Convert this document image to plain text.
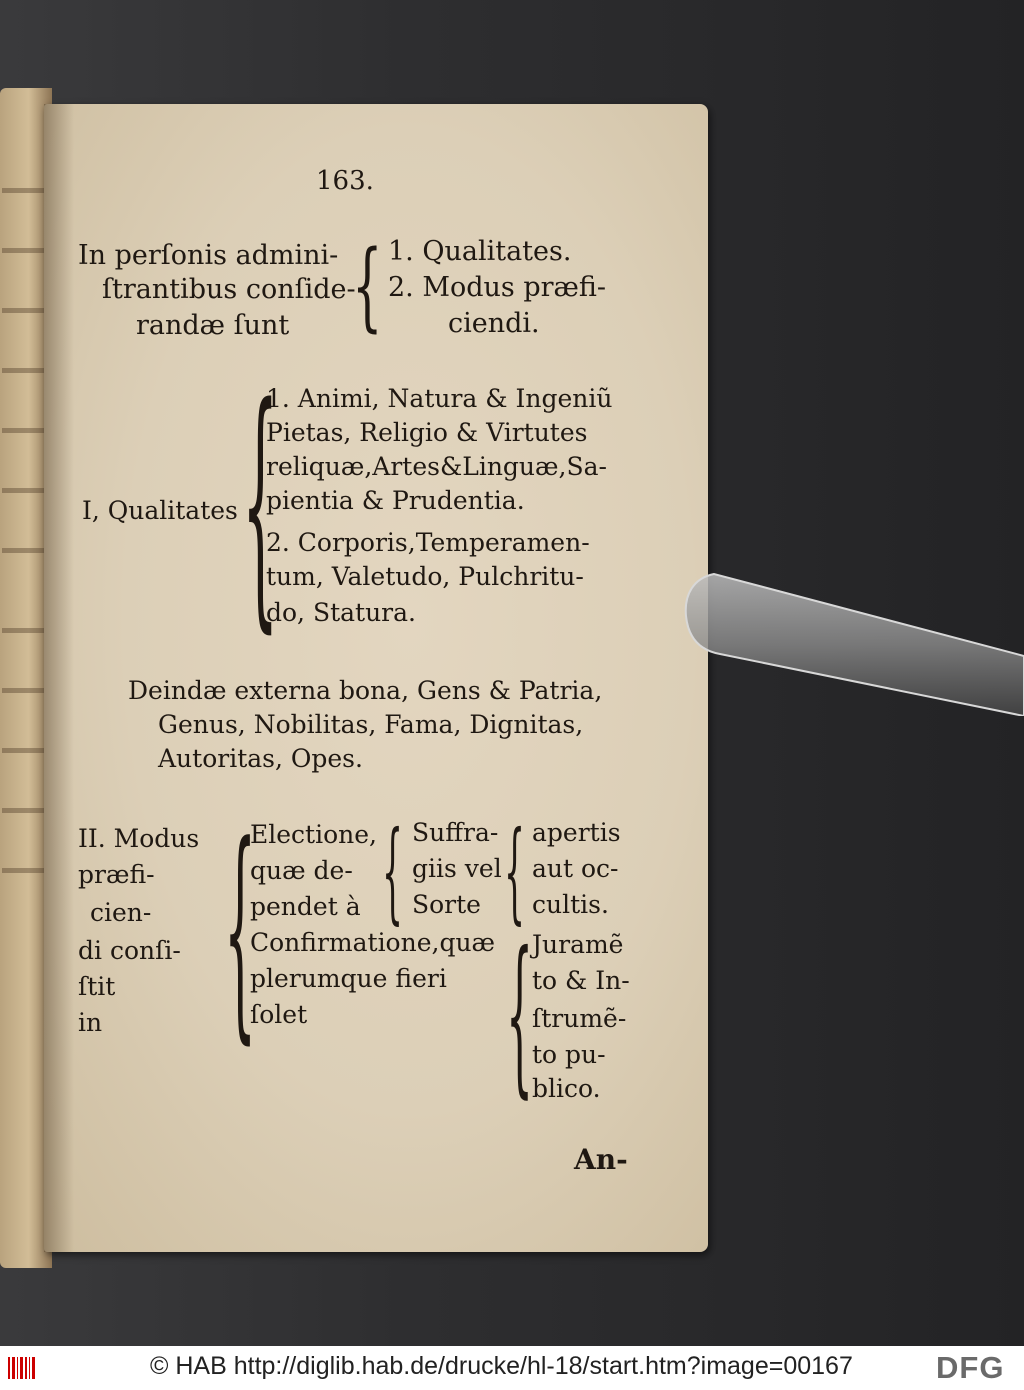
163.
In perſonis admini-
ſtrantibus conſide-
randæ ſunt { 1. Qualitates.
2. Modus præfi-
ciendi.
I, Qualitates {
1. Animi, Natura & Ingeniũ
Pietas, Religio & Virtutes
reliquæ,Artes&Linguæ,Sa-
pientia & Prudentia.
2. Corporis,Temperamen-
tum, Valetudo, Pulchritu-
do, Statura.
Deindæ externa bona, Gens & Patria,
Genus, Nobilitas, Fama, Dignitas,
Autoritas, Opes.
II. Modus
præfi-
cien-
di conſi-
ſtit
in {
Electione,
quæ de-
pendet à
Confirmatione,quæ
plerumque fieri
ſolet
{ Suffra-
giis vel
Sorte { apertis
aut oc-
cultis.
{
Juramẽ
to & In-
ſtrumẽ-
to pu-
blico.
An-
© HAB http://diglib.hab.de/drucke/hl-18/start.htm?image=00167	DFG
